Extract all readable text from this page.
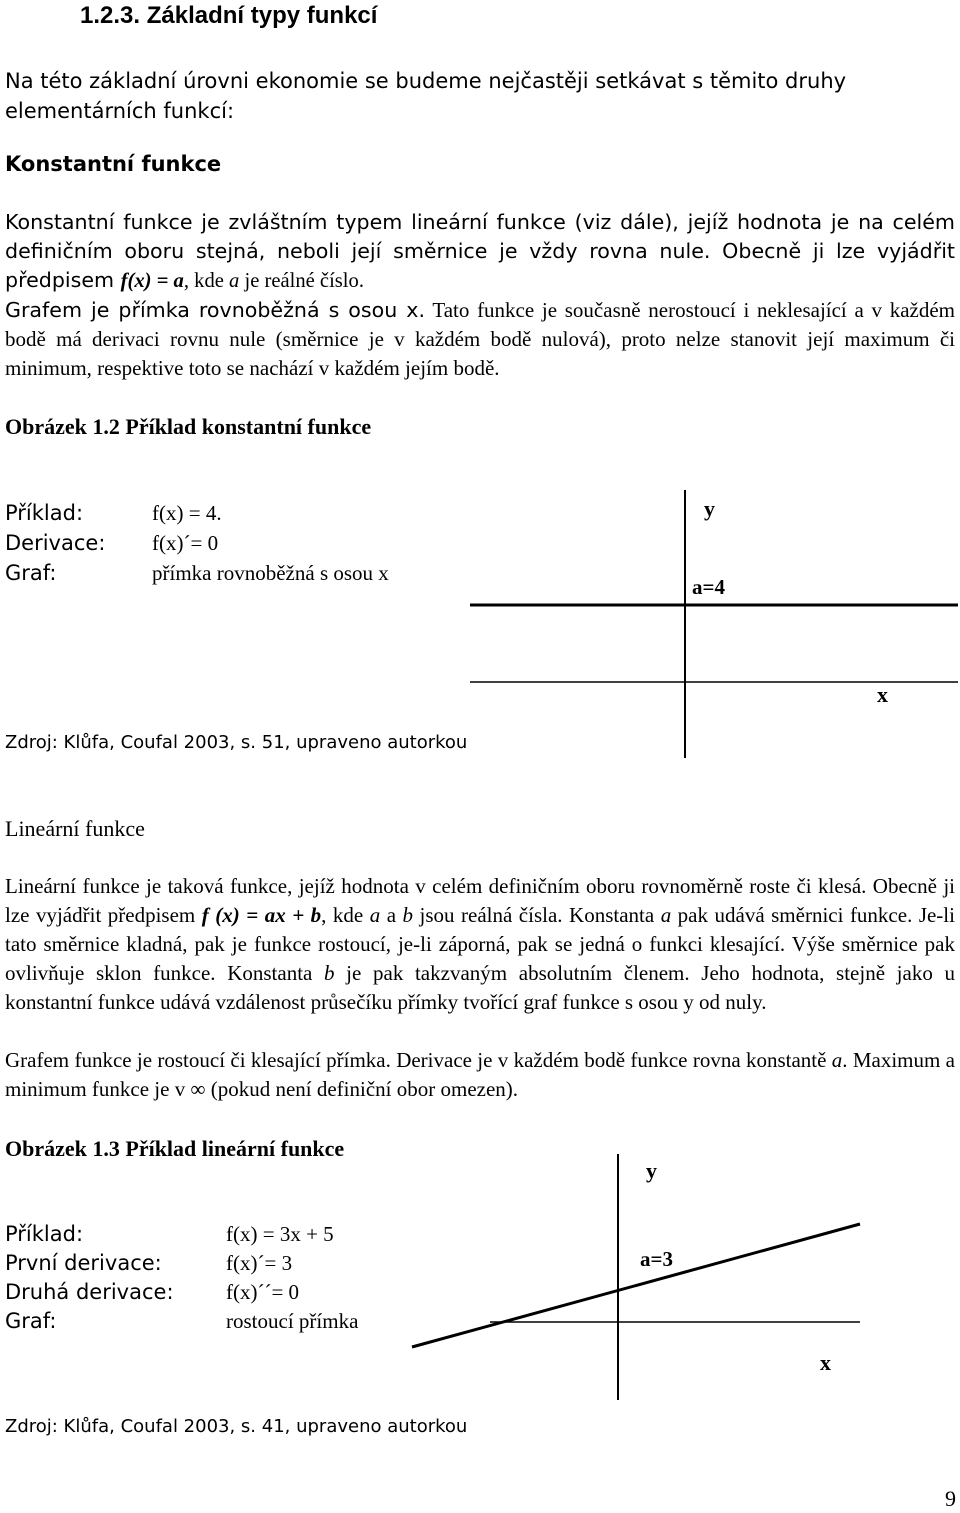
1.2.3. Základní typy funkcí
Na této základní úrovni ekonomie se budeme nejčastěji setkávat s těmito druhy elementárních funkcí:
Konstantní funkce
Konstantní funkce je zvláštním typem lineární funkce (viz dále), jejíž hodnota je na celém definičním oboru stejná, neboli její směrnice je vždy rovna nule. Obecně ji lze vyjádřit předpisem f(x) = a, kde a je reálné číslo.
Grafem je přímka rovnoběžná s osou x. Tato funkce je současně nerostoucí i neklesající a v každém bodě má derivaci rovnu nule (směrnice je v každém bodě nulová), proto nelze stanovit její maximum či minimum, respektive toto se nachází v každém jejím bodě.
Obrázek 1.2 Příklad konstantní funkce
Příklad:	f(x) = 4.
Derivace: f(x)´= 0
Graf:	přímka rovnoběžná s osou x
Zdroj: Klůfa, Coufal 2003, s. 51, upraveno autorkou
Lineární funkce
Lineární funkce je taková funkce, jejíž hodnota v celém definičním oboru rovnoměrně roste či klesá. Obecně ji lze vyjádřit předpisem f (x) = ax + b, kde a a b jsou reálná čísla. Konstanta a pak udává směrnici funkce. Je-li tato směrnice kladná, pak je funkce rostoucí, je-li záporná, pak se jedná o funkci klesající. Výše směrnice pak ovlivňuje sklon funkce. Konstanta b je pak takzvaným absolutním členem. Jeho hodnota, stejně jako u konstantní funkce udává vzdálenost průsečíku přímky tvořící graf funkce s osou y od nuly.
Grafem funkce je rostoucí či klesající přímka. Derivace je v každém bodě funkce rovna konstantě a. Maximum a minimum funkce je v ∞ (pokud není definiční obor omezen).
Obrázek 1.3 Příklad lineární funkce
Příklad:	f(x) = 3x + 5
První derivace:	f(x)´= 3
Druhá derivace: f(x)´´= 0
Graf:	rostoucí přímka
Zdroj: Klůfa, Coufal 2003, s. 41, upraveno autorkou
y
a=4
x
y
a=3
x
9
